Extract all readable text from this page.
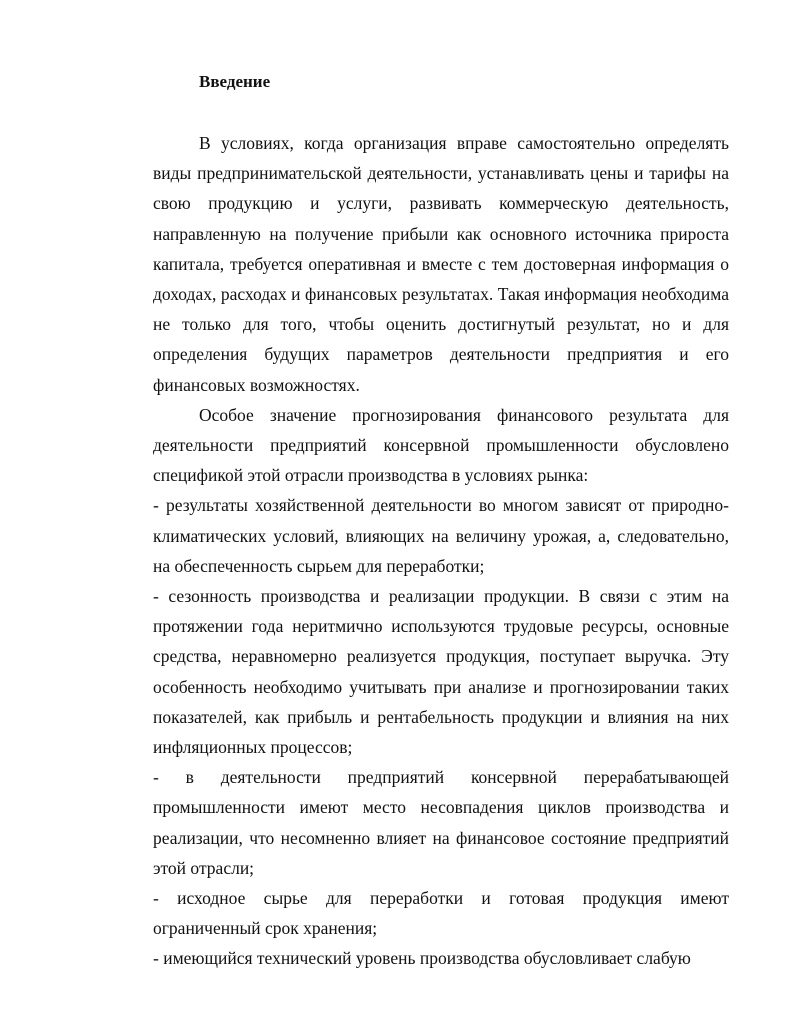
Введение

В условиях, когда организация вправе самостоятельно определять виды предпринимательской деятельности, устанавливать цены и тарифы на свою продукцию и услуги, развивать коммерческую деятельность, направленную на получение прибыли как основного источника прироста капитала, требуется оперативная и вместе с тем достоверная информация о доходах, расходах и финансовых результатах. Такая информация необходима не только для того, чтобы оценить достигнутый результат, но и для определения будущих параметров деятельности предприятия и его финансовых возможностях.

Особое значение прогнозирования финансового результата для деятельности предприятий консервной промышленности обусловлено спецификой этой отрасли производства в условиях рынка:

- результаты хозяйственной деятельности во многом зависят от природно-климатических условий, влияющих на величину урожая, а, следовательно, на обеспеченность сырьем для переработки;

- сезонность производства и реализации продукции. В связи с этим на протяжении года неритмично используются трудовые ресурсы, основные средства, неравномерно реализуется продукция, поступает выручка. Эту особенность необходимо учитывать при анализе и прогнозировании таких показателей, как прибыль и рентабельность продукции и влияния на них инфляционных процессов;

- в деятельности предприятий консервной перерабатывающей промышленности имеют место несовпадения циклов производства и реализации, что несомненно влияет на финансовое состояние предприятий этой отрасли;

- исходное сырье для переработки и готовая продукция имеют ограниченный срок хранения;

- имеющийся технический уровень производства обусловливает слабую
